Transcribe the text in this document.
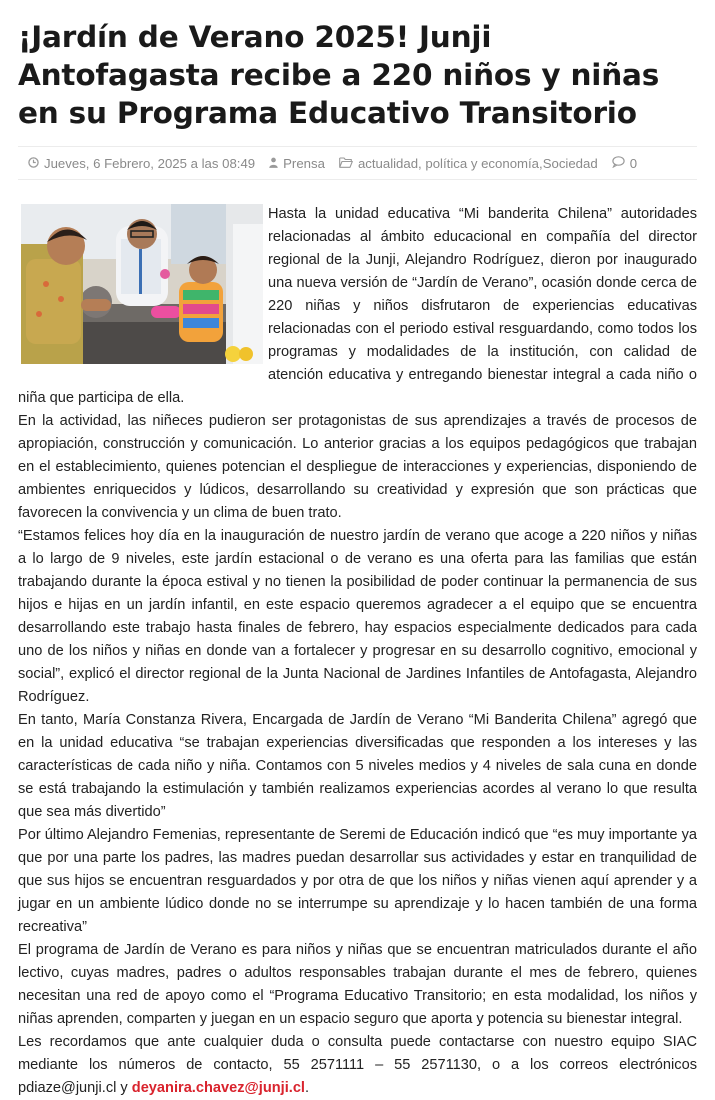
¡Jardín de Verano 2025! Junji Antofagasta recibe a 220 niños y niñas en su Programa Educativo Transitorio
Jueves, 6 Febrero, 2025 a las 08:49 Prensa	actualidad, política y economía , Sociedad 0

Hasta la unidad educativa “Mi banderita Chilena” autoridades relacionadas al ámbito educacional en compañía del director regional de la Junji, Alejandro Rodríguez, dieron por inaugurado una nueva versión de “Jardín de Verano”, ocasión donde cerca de 220 niñas y niños disfrutaron de experiencias educativas relacionadas con el periodo estival resguardando, como todos los programas y modalidades de la institución, con calidad de atención educativa y entregando bienestar integral a cada niño o niña que participa de ella.

En la actividad, las niñeces pudieron ser protagonistas de sus aprendizajes a través de procesos de apropiación, construcción y comunicación. Lo anterior gracias a los equipos pedagógicos que trabajan en el establecimiento, quienes potencian el despliegue de interacciones y experiencias, disponiendo de ambientes enriquecidos y lúdicos, desarrollando su creatividad y expresión que son prácticas que favorecen la convivencia y un clima de buen trato.

“Estamos felices hoy día en la inauguración de nuestro jardín de verano que acoge a 220 niños y niñas a lo largo de 9 niveles, este jardín estacional o de verano es una oferta para las familias que están trabajando durante la época estival y no tienen la posibilidad de poder continuar la permanencia de sus hijos e hijas en un jardín infantil, en este espacio queremos agradecer a el equipo que se encuentra desarrollando este trabajo hasta finales de febrero, hay espacios especialmente dedicados para cada uno de los niños y niñas en donde van a fortalecer y progresar en su desarrollo cognitivo, emocional y social”, explicó el director regional de la Junta Nacional de Jardines Infantiles de Antofagasta, Alejandro Rodríguez.

En tanto, María Constanza Rivera, Encargada de Jardín de Verano “Mi Banderita Chilena” agregó que en la unidad educativa “se trabajan experiencias diversificadas que responden a los intereses y las características de cada niño y niña. Contamos con 5 niveles medios y 4 niveles de sala cuna en donde se está trabajando la estimulación y también realizamos experiencias acordes al verano lo que resulta que sea más divertido”

Por último Alejandro Femenias, representante de Seremi de Educación indicó que “es muy importante ya que por una parte los padres, las madres puedan desarrollar sus actividades y estar en tranquilidad de que sus hijos se encuentran resguardados y por otra de que los niños y niñas vienen aquí aprender y a jugar en un ambiente lúdico donde no se interrumpe su aprendizaje y lo hacen también de una forma recreativa”

El programa de Jardín de Verano es para niños y niñas que se encuentran matriculados durante el año lectivo, cuyas madres, padres o adultos responsables trabajan durante el mes de febrero, quienes necesitan una red de apoyo como el “Programa Educativo Transitorio; en esta modalidad, los niños y niñas aprenden, comparten y juegan en un espacio seguro que aporta y potencia su bienestar integral.

Les recordamos que ante cualquier duda o consulta puede contactarse con nuestro equipo SIAC mediante los números de contacto, 55 2571111 – 55 2571130, o a los correos electrónicos pdiaze@junji.cl y deyanira.chavez@junji.cl.
